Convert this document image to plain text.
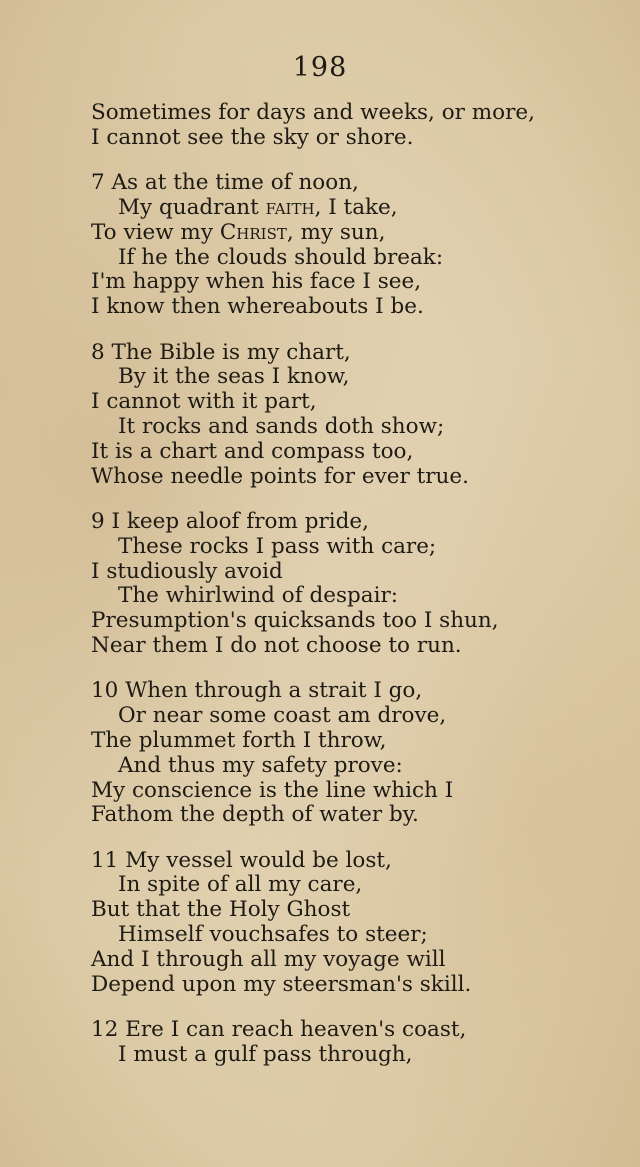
198
Sometimes for days and weeks, or more,
I cannot see the sky or shore.
7 As at the time of noon,
My quadrant faith, I take,
To view my Christ, my sun,
If he the clouds should break:
I'm happy when his face I see,
I know then whereabouts I be.
8 The Bible is my chart,
By it the seas I know,
I cannot with it part,
It rocks and sands doth show;
It is a chart and compass too,
Whose needle points for ever true.
9 I keep aloof from pride,
These rocks I pass with care;
I studiously avoid
The whirlwind of despair:
Presumption's quicksands too I shun,
Near them I do not choose to run.
10 When through a strait I go,
Or near some coast am drove,
The plummet forth I throw,
And thus my safety prove:
My conscience is the line which I
Fathom the depth of water by.
11 My vessel would be lost,
In spite of all my care,
But that the Holy Ghost
Himself vouchsafes to steer;
And I through all my voyage will
Depend upon my steersman's skill.
12 Ere I can reach heaven's coast,
I must a gulf pass through,
